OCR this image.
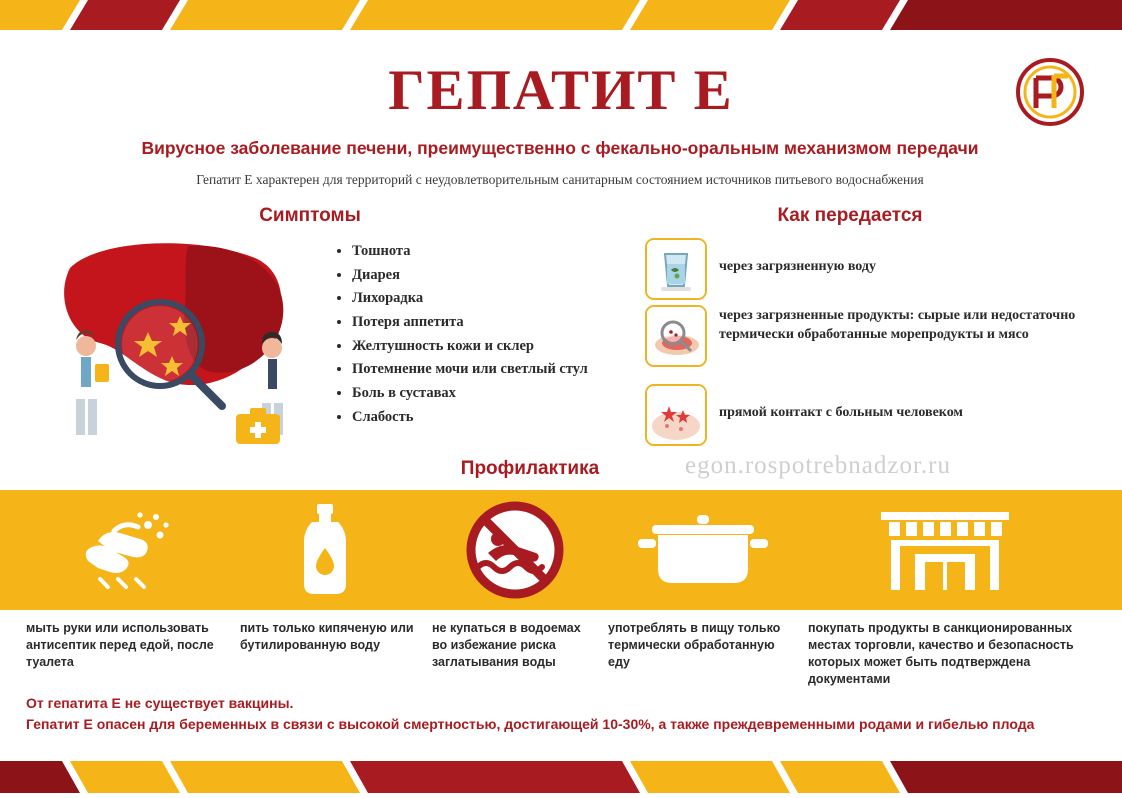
ГЕПАТИТ Е
Вирусное заболевание печени, преимущественно с фекально-оральным механизмом передачи
Гепатит Е характерен для территорий с неудовлетворительным санитарным состоянием источников питьевого водоснабжения
Симптомы	Как передается
Профилактика
• Тошнота
• Диарея
• Лихорадка
• Потеря аппетита
• Желтушность кожи и склер
• Потемнение мочи или светлый стул
• Боль в суставах
• Слабость
через загрязненную воду
через загрязненные продукты: сырые или недостаточно термически обработанные морепродукты и мясо
прямой контакт с больным человеком
egon.rospotrebnadzor.ru
мыть руки или использовать антисептик перед едой, после туалета
пить только кипяченую или бутилированную воду
не купаться в водоемах во избежание риска заглатывания воды
употреблять в пищу только термически обработанную еду
покупать продукты в санкционированных местах торговли, качество и безопасность которых может быть подтверждена документами
От гепатита Е не существует вакцины.
Гепатит Е опасен для беременных в связи с высокой смертностью, достигающей 10-30%, а также преждевременными родами и гибелью плода
